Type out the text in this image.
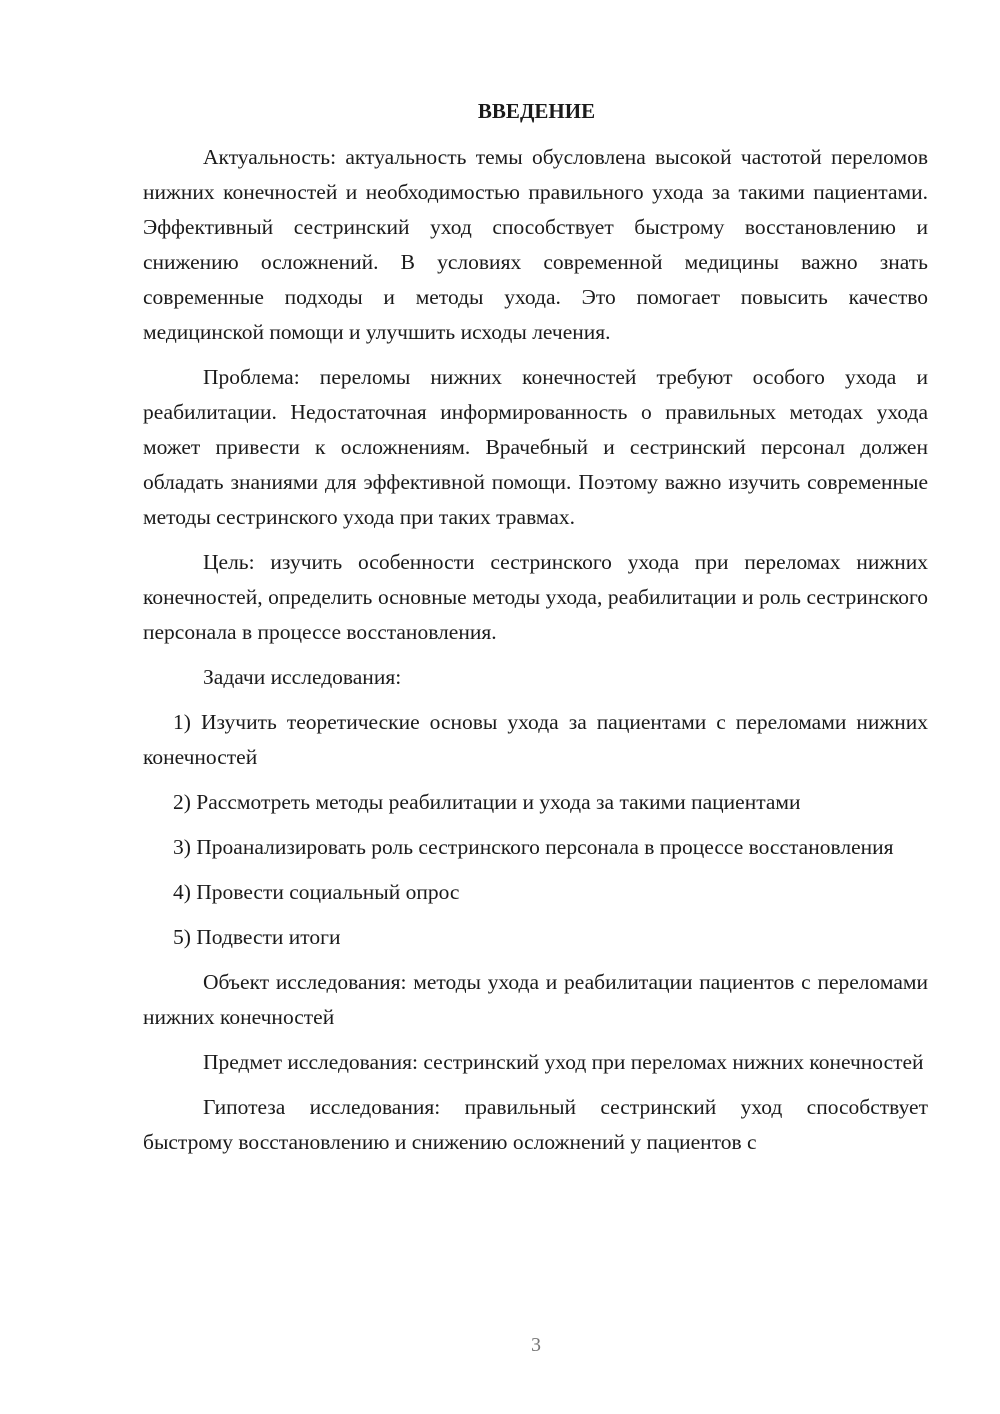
ВВЕДЕНИЕ

Актуальность: актуальность темы обусловлена высокой частотой переломов нижних конечностей и необходимостью правильного ухода за такими пациентами. Эффективный сестринский уход способствует быстрому восстановлению и снижению осложнений. В условиях современной медицины важно знать современные подходы и методы ухода. Это помогает повысить качество медицинской помощи и улучшить исходы лечения.

Проблема: переломы нижних конечностей требуют особого ухода и реабилитации. Недостаточная информированность о правильных методах ухода может привести к осложнениям. Врачебный и сестринский персонал должен обладать знаниями для эффективной помощи. Поэтому важно изучить современные методы сестринского ухода при таких травмах.

Цель: изучить особенности сестринского ухода при переломах нижних конечностей, определить основные методы ухода, реабилитации и роль сестринского персонала в процессе восстановления.

Задачи исследования:

1) Изучить теоретические основы ухода за пациентами с переломами нижних конечностей

2) Рассмотреть методы реабилитации и ухода за такими пациентами

3) Проанализировать роль сестринского персонала в процессе восстановления

4) Провести социальный опрос

5) Подвести итоги

Объект исследования: методы ухода и реабилитации пациентов с переломами нижних конечностей

Предмет исследования: сестринский уход при переломах нижних конечностей

Гипотеза исследования: правильный сестринский уход способствует быстрому восстановлению и снижению осложнений у пациентов с

3
